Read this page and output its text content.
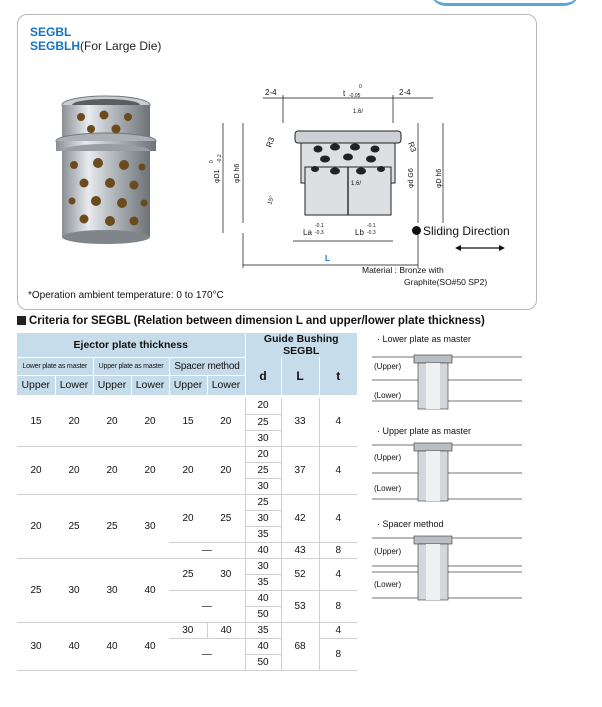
SEGBL
SEGBLH(For Large Die)
2-4	2-4
t
0
-0.05
1.6/
1.6/
R3	R3
φD1
0 -0.2
φD h6	φd G6	φD h6
15°
La
-0.1
-0.3	Lb
-0.1
-0.3
L
*Operation ambient temperature: 0 to 170°C
Sliding Direction
Material : Bronze with
Graphite(SO#50 SP2)
Criteria for SEGBL (Relation between dimension L and upper/lower plate thickness)
Ejector plate thickness						Guide Bushing SEGBL		
Lower plate as master		Upper plate as master		Spacer method		d	L	t
Upper	Lower	Upper	Lower	Upper	Lower			

15	20	20	20	15	20	20	33	4
						25		
						30		
20	20	20	20	20	20	20	37	4
						25		
						30		
20	25	25	30	20	25	25	42	4
						30		
						35		
				—		40	43	8
25	30	30	40	25	30	30	52	4
						35		
				—		40	53	8
						50		
30	40	40	40	30	40	35	68	4
				—		40		8
						50		
· Lower plate as master
(Upper)
(Lower)
· Upper plate as master
(Upper)
(Lower)
· Spacer method
(Upper)
(Lower)
